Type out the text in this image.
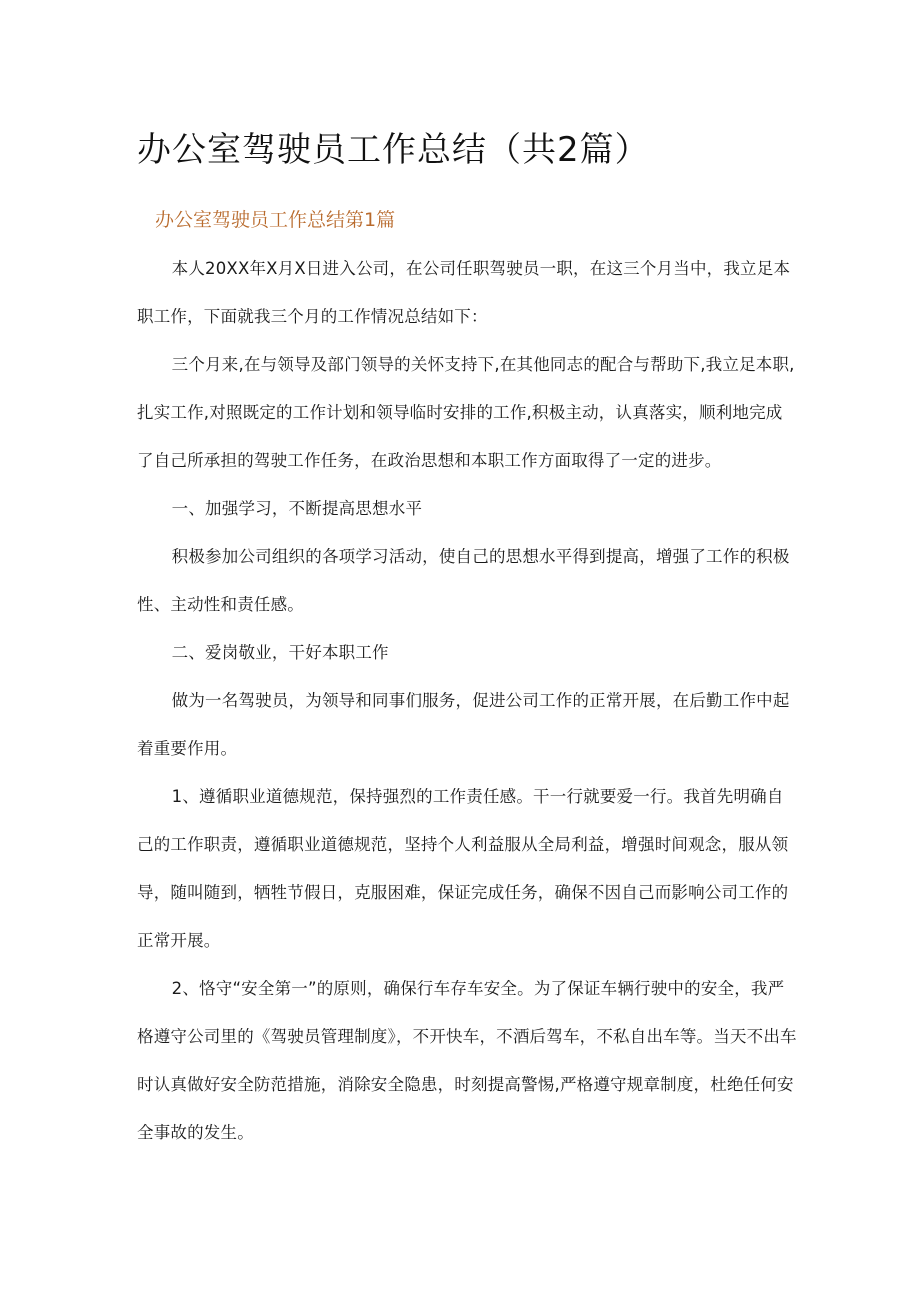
办公室驾驶员工作总结（共2篇）
办公室驾驶员工作总结第1篇

本人20XX年X月X日进入公司，在公司任职驾驶员一职，在这三个月当中，我立足本职工作，下面就我三个月的工作情况总结如下：

三个月来,在与领导及部门领导的关怀支持下,在其他同志的配合与帮助下,我立足本职,扎实工作,对照既定的工作计划和领导临时安排的工作,积极主动，认真落实，顺利地完成了自己所承担的驾驶工作任务，在政治思想和本职工作方面取得了一定的进步。

一、加强学习，不断提高思想水平

积极参加公司组织的各项学习活动，使自己的思想水平得到提高，增强了工作的积极性、主动性和责任感。

二、爱岗敬业，干好本职工作

做为一名驾驶员，为领导和同事们服务，促进公司工作的正常开展，在后勤工作中起着重要作用。

1、遵循职业道德规范，保持强烈的工作责任感。干一行就要爱一行。我首先明确自己的工作职责，遵循职业道德规范，坚持个人利益服从全局利益，增强时间观念，服从领导，随叫随到，牺牲节假日，克服困难，保证完成任务，确保不因自己而影响公司工作的正常开展。

2、恪守“安全第一”的原则，确保行车存车安全。为了保证车辆行驶中的安全，我严格遵守公司里的《驾驶员管理制度》，不开快车，不酒后驾车，不私自出车等。当天不出车时认真做好安全防范措施，消除安全隐患，时刻提高警惕,严格遵守规章制度，杜绝任何安全事故的发生。
